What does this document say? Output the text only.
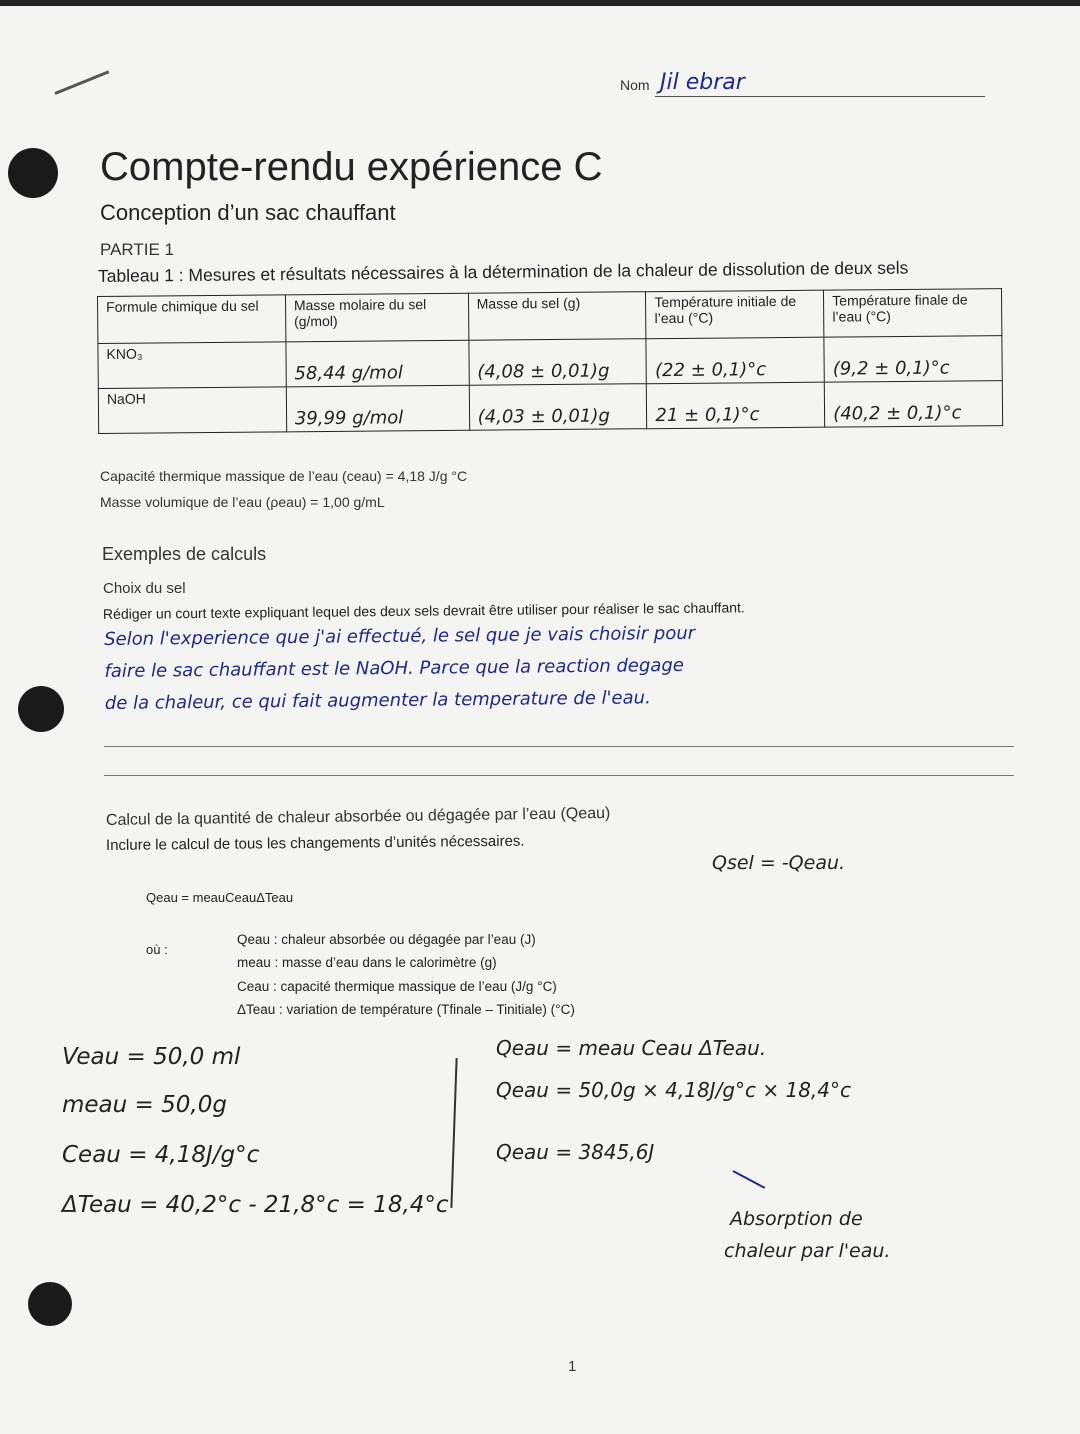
Nom Jil ebrar
Compte-rendu expérience C
Conception d’un sac chauffant
PARTIE 1
Tableau 1 : Mesures et résultats nécessaires à la détermination de la chaleur de dissolution de deux sels
Formule chimique du sel	Masse molaire du sel (g/mol)	Masse du sel (g)	Température initiale de l’eau (°C)	Température finale de l’eau (°C)
KNO₃	58,44 g/mol	(4,08 ± 0,01)g	(22 ± 0,1)°c	(9,2 ± 0,1)°c
NaOH	39,99 g/mol	(4,03 ± 0,01)g	21 ± 0,1)°c	(40,2 ± 0,1)°c
Capacité thermique massique de l’eau (ceau) = 4,18 J/g °C
Masse volumique de l’eau (ρeau) = 1,00 g/mL
Exemples de calculs
Choix du sel
Rédiger un court texte expliquant lequel des deux sels devrait être utiliser pour réaliser le sac chauffant.
Selon l'experience que j'ai effectué, le sel que je vais choisir pour
faire le sac chauffant est le NaOH. Parce que la reaction degage
de la chaleur, ce qui fait augmenter la temperature de l'eau.
Calcul de la quantité de chaleur absorbée ou dégagée par l’eau (Qeau)
Inclure le calcul de tous les changements d’unités nécessaires.
Qsel = -Qeau.
Qeau = meauCeauΔTeau
où :
Qeau : chaleur absorbée ou dégagée par l’eau (J)
meau : masse d’eau dans le calorimètre (g)
Ceau : capacité thermique massique de l’eau (J/g °C)
ΔTeau : variation de température (Tfinale – Tinitiale) (°C)
Veau = 50,0 ml
meau = 50,0g
Ceau = 4,18J/g°c
ΔTeau = 40,2°c - 21,8°c = 18,4°c
Qeau = meau Ceau ΔTeau.
Qeau = 50,0g × 4,18J/g°c × 18,4°c
Qeau = 3845,6J
Absorption de
chaleur par l'eau.
1
